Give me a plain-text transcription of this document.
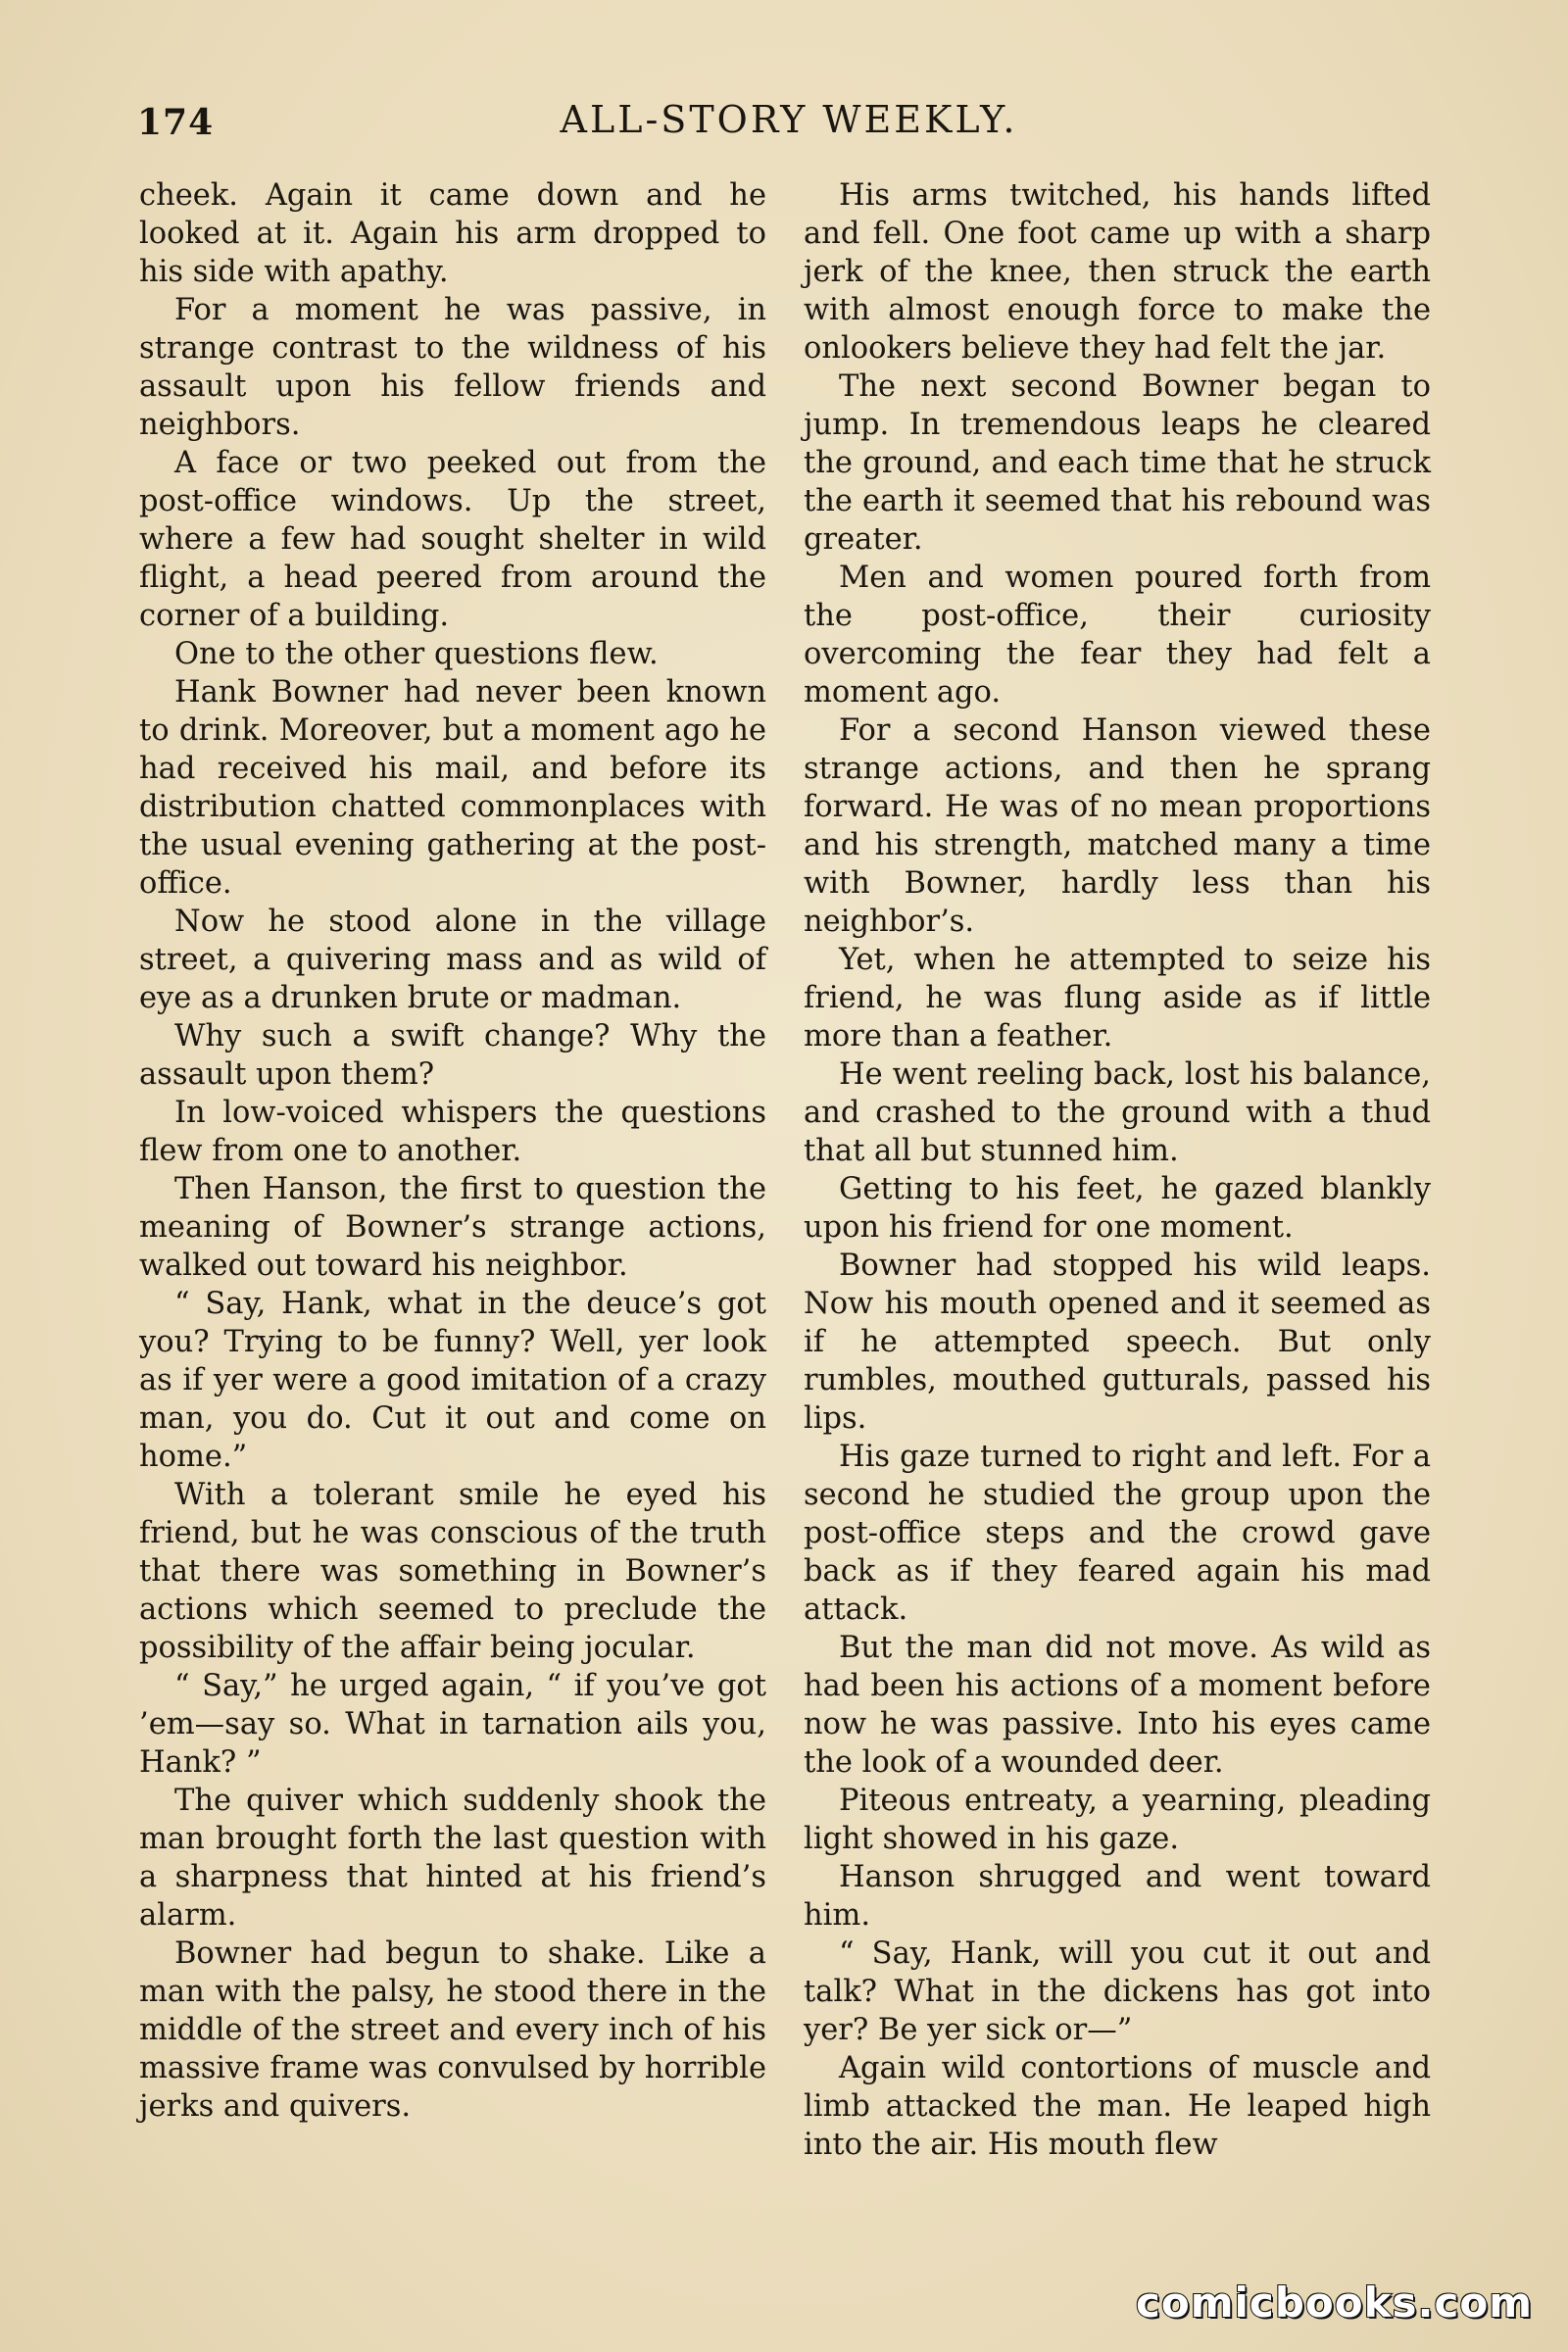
174	ALL-STORY WEEKLY.

cheek. Again it came down and he looked at it. Again his arm dropped to his side with apathy.

For a moment he was passive, in strange contrast to the wildness of his assault upon his fellow friends and neighbors.

A face or two peeked out from the post-office windows. Up the street, where a few had sought shelter in wild flight, a head peered from around the corner of a building.

One to the other questions flew.

Hank Bowner had never been known to drink. Moreover, but a moment ago he had received his mail, and before its distribution chatted commonplaces with the usual evening gathering at the post-office.

Now he stood alone in the village street, a quivering mass and as wild of eye as a drunken brute or madman.

Why such a swift change? Why the assault upon them?

In low-voiced whispers the questions flew from one to another.

Then Hanson, the first to question the meaning of Bowner’s strange actions, walked out toward his neighbor.

“ Say, Hank, what in the deuce’s got you? Trying to be funny? Well, yer look as if yer were a good imitation of a crazy man, you do. Cut it out and come on home.”

With a tolerant smile he eyed his friend, but he was conscious of the truth that there was something in Bowner’s actions which seemed to preclude the possibility of the affair being jocular.

“ Say,” he urged again, “ if you’ve got ’em—say so. What in tarnation ails you, Hank? ”

The quiver which suddenly shook the man brought forth the last question with a sharpness that hinted at his friend’s alarm.

Bowner had begun to shake. Like a man with the palsy, he stood there in the middle of the street and every inch of his massive frame was convulsed by horrible jerks and quivers.

His arms twitched, his hands lifted and fell. One foot came up with a sharp jerk of the knee, then struck the earth with almost enough force to make the onlookers believe they had felt the jar.

The next second Bowner began to jump. In tremendous leaps he cleared the ground, and each time that he struck the earth it seemed that his rebound was greater.

Men and women poured forth from the post-office, their curiosity overcoming the fear they had felt a moment ago.

For a second Hanson viewed these strange actions, and then he sprang forward. He was of no mean proportions and his strength, matched many a time with Bowner, hardly less than his neighbor’s.

Yet, when he attempted to seize his friend, he was flung aside as if little more than a feather.

He went reeling back, lost his balance, and crashed to the ground with a thud that all but stunned him.

Getting to his feet, he gazed blankly upon his friend for one moment.

Bowner had stopped his wild leaps. Now his mouth opened and it seemed as if he attempted speech. But only rumbles, mouthed gutturals, passed his lips.

His gaze turned to right and left. For a second he studied the group upon the post-office steps and the crowd gave back as if they feared again his mad attack.

But the man did not move. As wild as had been his actions of a moment before now he was passive. Into his eyes came the look of a wounded deer.

Piteous entreaty, a yearning, pleading light showed in his gaze.

Hanson shrugged and went toward him.

“ Say, Hank, will you cut it out and talk? What in the dickens has got into yer? Be yer sick or—”

Again wild contortions of muscle and limb attacked the man. He leaped high into the air. His mouth flew

comicbooks.com
